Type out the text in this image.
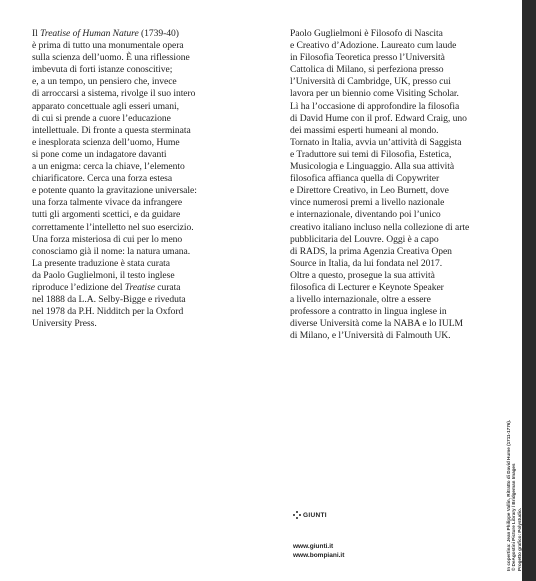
Il Treatise of Human Nature (1739-40)
è prima di tutto una monumentale opera
sulla scienza dell’uomo. È una riflessione
imbevuta di forti istanze conoscitive;
e, a un tempo, un pensiero che, invece
di arroccarsi a sistema, rivolge il suo intero
apparato concettuale agli esseri umani,
di cui si prende a cuore l’educazione
intellettuale. Di fronte a questa sterminata
e inesplorata scienza dell’uomo, Hume
si pone come un indagatore davanti
a un enigma: cerca la chiave, l’elemento
chiarificatore. Cerca una forza estesa
e potente quanto la gravitazione universale:
una forza talmente vivace da infrangere
tutti gli argomenti scettici, e da guidare
correttamente l’intelletto nel suo esercizio.
Una forza misteriosa di cui per lo meno
conosciamo già il nome: la natura umana.
La presente traduzione è stata curata
da Paolo Guglielmoni, il testo inglese
riproduce l’edizione del Treatise curata
nel 1888 da L.A. Selby-Bigge e riveduta
nel 1978 da P.H. Nidditch per la Oxford
University Press.
Paolo Guglielmoni è Filosofo di Nascita
e Creativo d’Adozione. Laureato cum laude
in Filosofia Teoretica presso l’Università
Cattolica di Milano, si perfeziona presso
l’Università di Cambridge, UK, presso cui
lavora per un biennio come Visiting Scholar.
Lì ha l’occasione di approfondire la filosofia
di David Hume con il prof. Edward Craig, uno
dei massimi esperti humeani al mondo.
Tornato in Italia, avvia un’attività di Saggista
e Traduttore sui temi di Filosofia, Estetica,
Musicologia e Linguaggio. Alla sua attività
filosofica affianca quella di Copywriter
e Direttore Creativo, in Leo Burnett, dove
vince numerosi premi a livello nazionale
e internazionale, diventando poi l’unico
creativo italiano incluso nella collezione di arte
pubblicitaria del Louvre. Oggi è a capo
di RADS, la prima Agenzia Creativa Open
Source in Italia, da lui fondata nel 2017.
Oltre a questo, prosegue la sua attività
filosofica di Lecturer e Keynote Speaker
a livello internazionale, oltre a essere
professore a contratto in lingua inglese in
diverse Università come la NABA e lo IULM
di Milano, e l’Università di Falmouth UK.
GIUNTI
www.giunti.it
www.bompiani.it	In copertina: Jean Philippe Vallin, Ritratto di David Hume (1711-1776). © DeAgostini Picture Library / Bridgeman Images Progetto grafico: Polystudio.
